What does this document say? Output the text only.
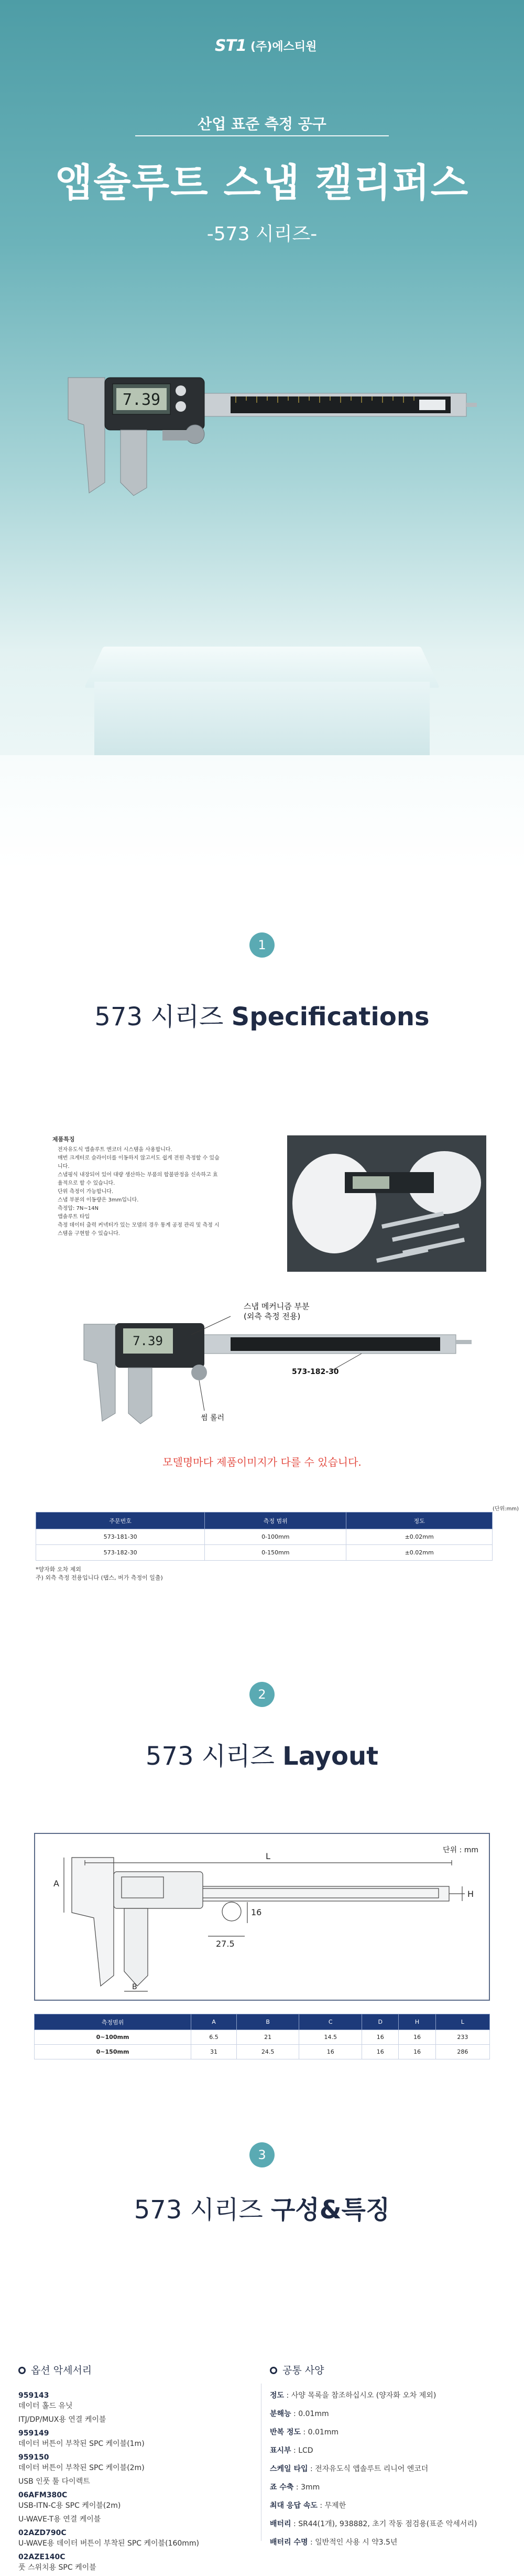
ST1 (주)에스티원
산업 표준 측정 공구
앱솔루트 스냅 캘리퍼스
-573 시리즈-
7.39
1
573 시리즈 Specifications
제품특징
전자유도식 앱솔루트 엔코더 시스템을 사용합니다.
매번 크게터로 슬라이더를 이동하지 않고서도 쉽게 전원 측정할 수 있습니다.
스냅핑식 내장되어 있어 대량 생산하는 부품의 합불판정을 신속하고 효율적으로 할 수 있습니다.
단위 측정이 가능합니다.
스냅 부분의 이동량은 3mm입니다.
측정압: 7N~14N
앱솔루트 타입
측정 데이터 출력 커넥터가 있는 모델의 경우 통계 공정 관리 및 측정 시스템을 구현할 수 있습니다.
7.39
스냅 메커니즘 부분
(외측 측정 전용)
573-182-30
썸 롤러
모델명마다 제품이미지가 다를 수 있습니다.
(단위:mm)
주문번호	측정 범위	정도
573-181-30	0-100mm	±0.02mm
573-182-30	0-150mm	±0.02mm
*양자화 오차 제외
주) 외측 측정 전용입니다 (탭스, 버가 측정이 일출)
2
573 시리즈 Layout
단위 : mm
L
A
H
27.5
16
B
측정범위	A	B	C	D	H	L
0~100mm	6.5	21	14.5	16	16	233
0~150mm	31	24.5	16	16	16	286
3
573 시리즈 구성&특징
옵션 악세서리
959143
데이터 홀드 유닛
ITJ/DP/MUX용 연결 케이블
959149
데이터 버튼이 부착된 SPC 케이블(1m)
959150
데이터 버튼이 부착된 SPC 케이블(2m)
USB 인풋 툴 다이렉트
06AFM380C
USB-ITN-C용 SPC 케이블(2m)
U-WAVE-T용 연결 케이블
02AZD790C
U-WAVE용 데이터 버튼이 부착된 SPC 케이블(160mm)
02AZE140C
풋 스위치용 SPC 케이블
공통 사양
정도 : 사양 목록을 참조하십시오 (양자화 오차 제외)
분해능 : 0.01mm
반복 정도 : 0.01mm
표시부 : LCD
스케일 타입 : 전자유도식 앱솔루트 리니어 엔코더
죠 수축 : 3mm
최대 응답 속도 : 무제한
배터리 : SR44(1개), 938882, 초기 작동 점검용(표준 악세서리)
배터리 수명 : 일반적인 사용 시 약3.5년
